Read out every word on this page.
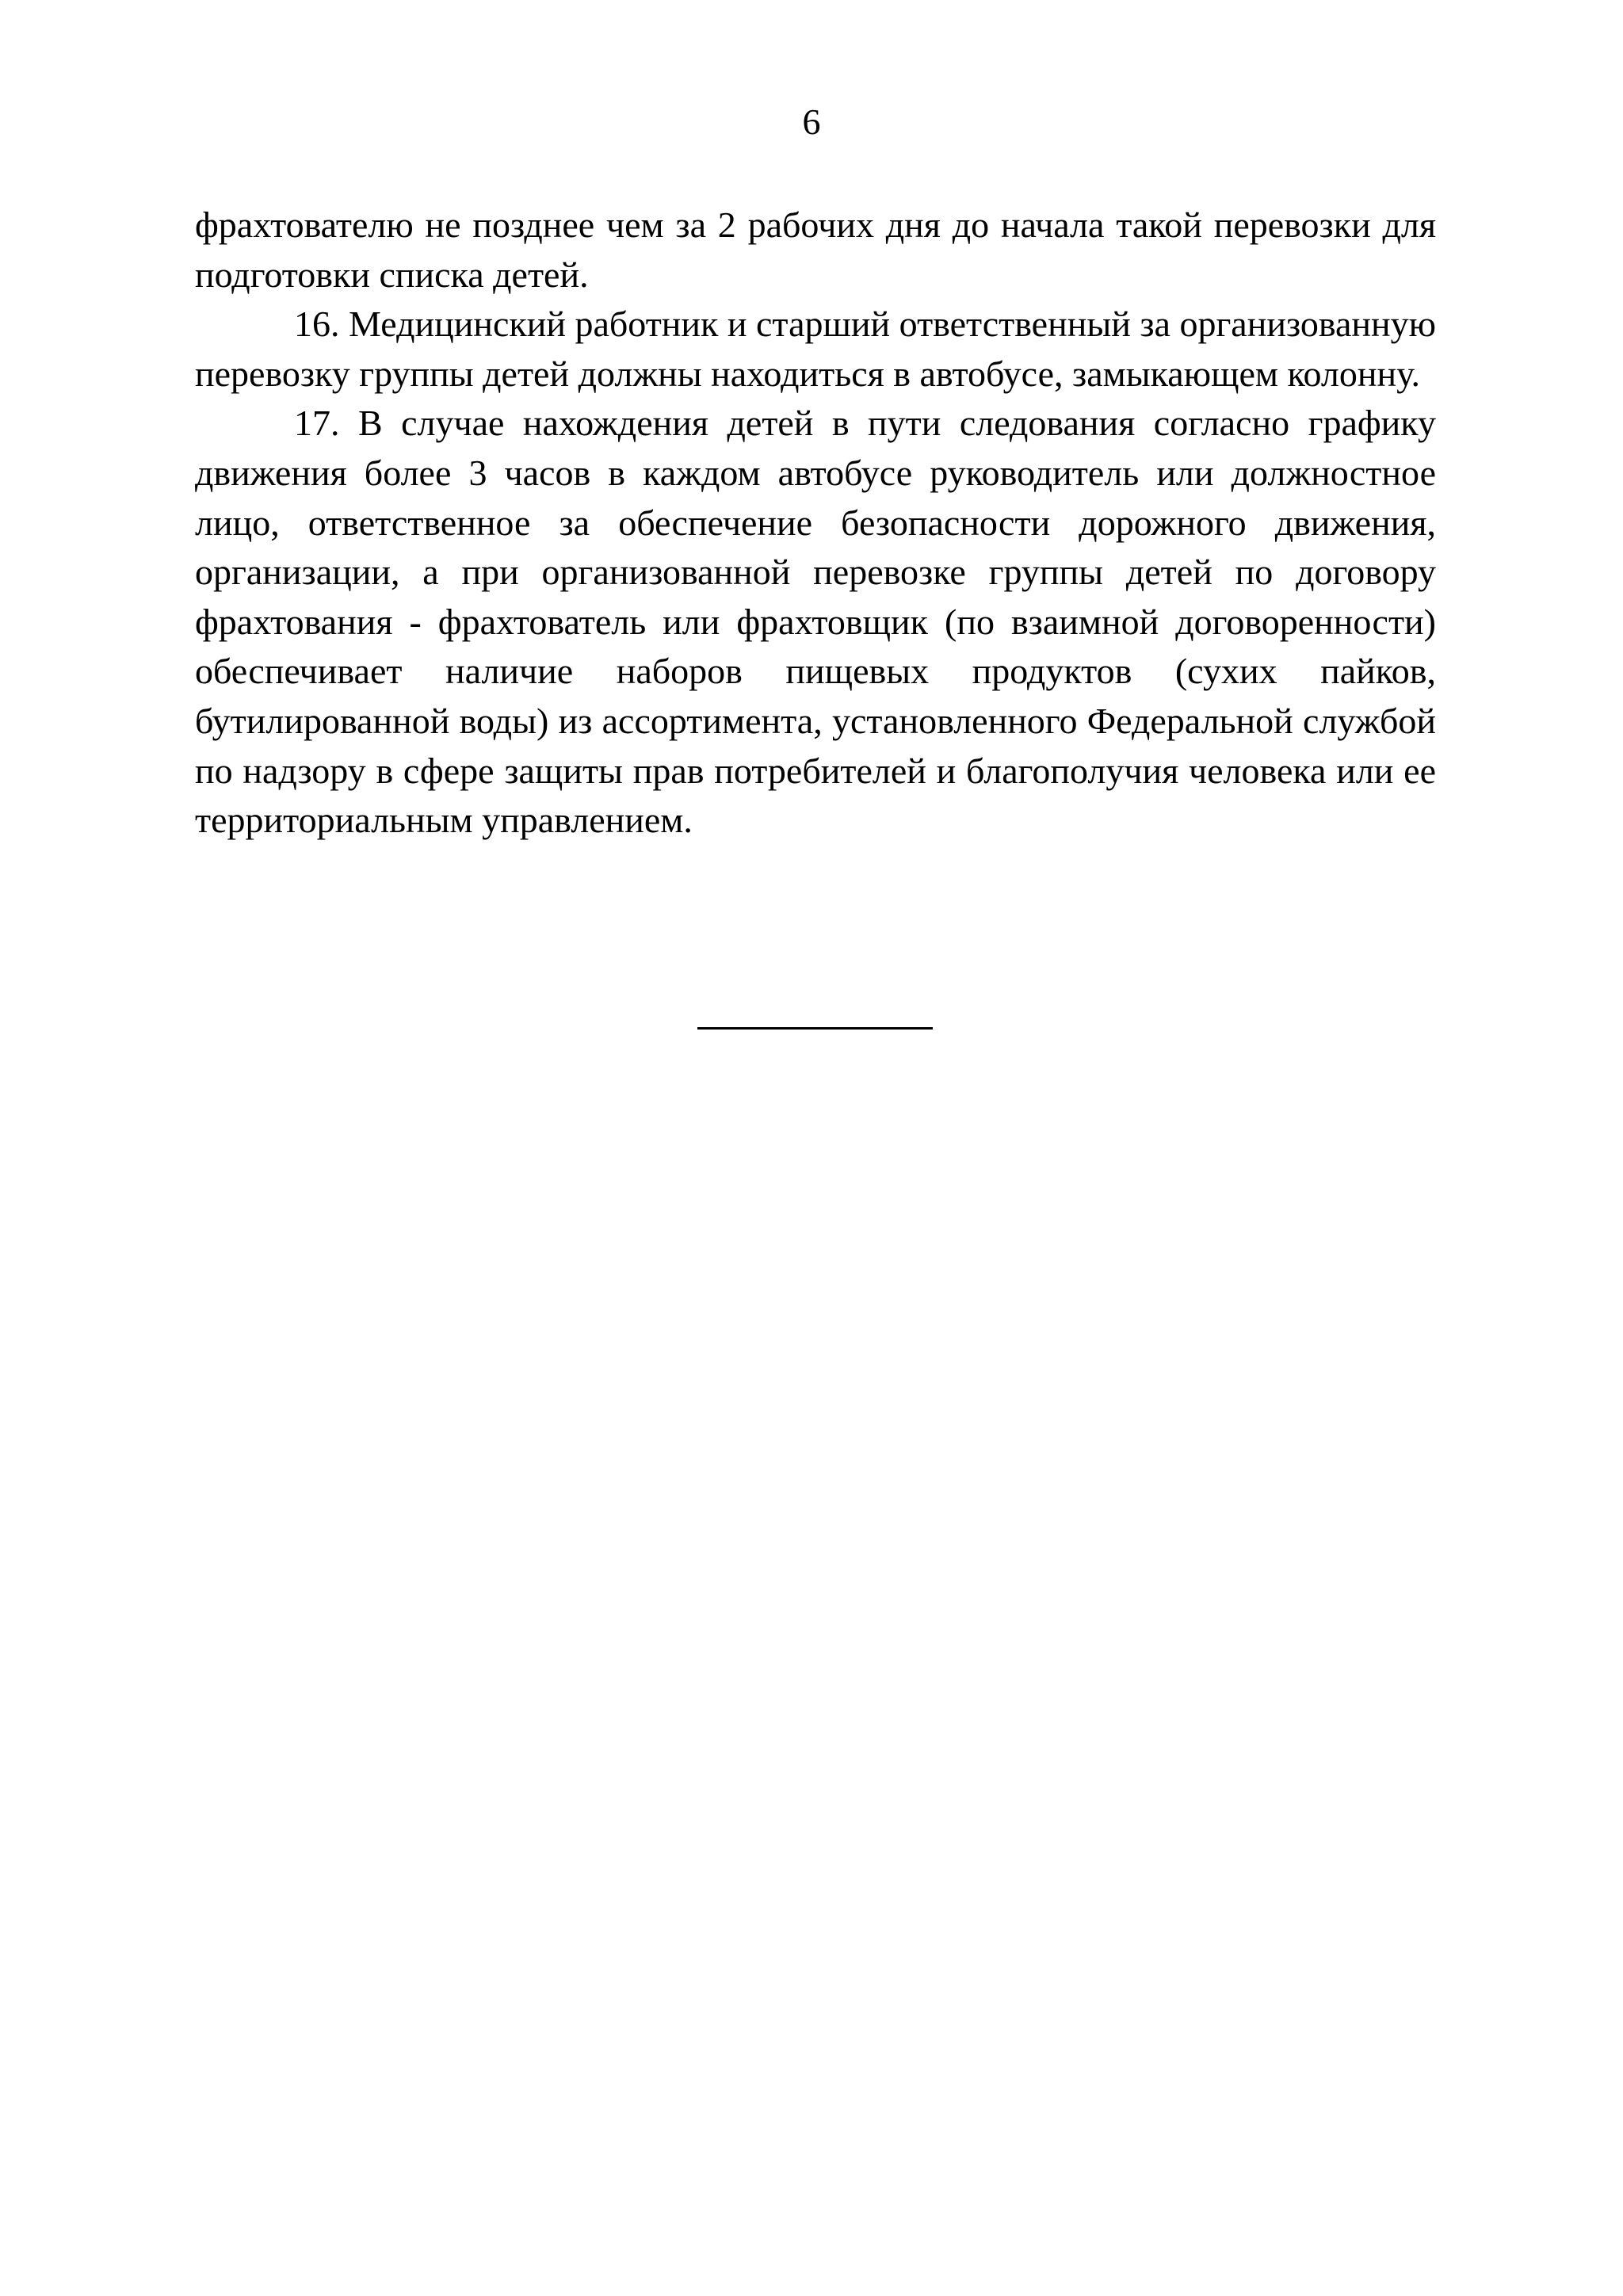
6

фрахтователю не позднее чем за 2 рабочих дня до начала такой перевозки для подготовки списка детей.

16. Медицинский работник и старший ответственный за организованную перевозку группы детей должны находиться в автобусе, замыкающем колонну.

17. В случае нахождения детей в пути следования согласно графику движения более 3 часов в каждом автобусе руководитель или должностное лицо, ответственное за обеспечение безопасности дорожного движения, организации, а при организованной перевозке группы детей по договору фрахтования - фрахтователь или фрахтовщик (по взаимной договоренности) обеспечивает наличие наборов пищевых продуктов (сухих пайков, бутилированной воды) из ассортимента, установленного Федеральной службой по надзору в сфере защиты прав потребителей и благополучия человека или ее территориальным управлением.
